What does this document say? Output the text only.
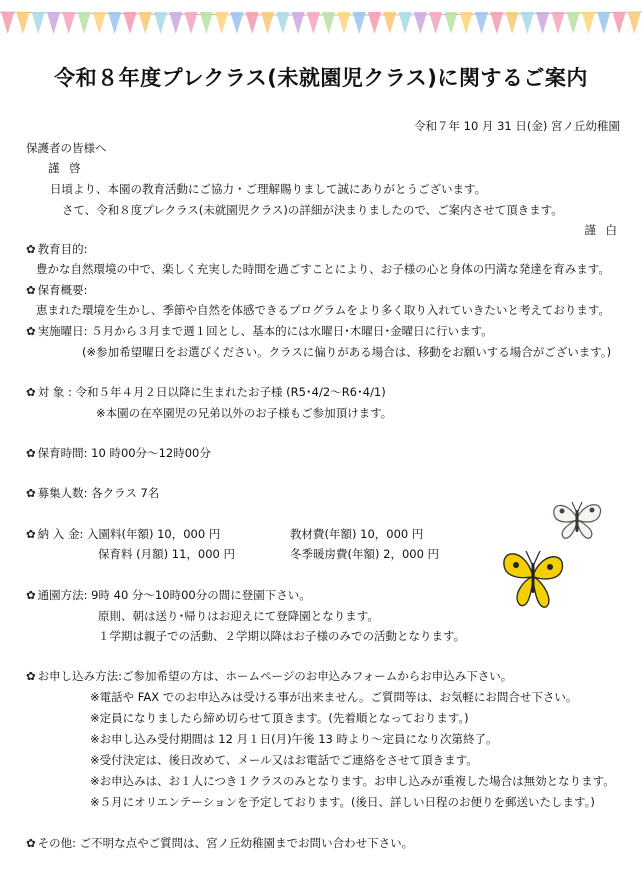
令和８年度プレクラス(未就園児クラス)に関するご案内
令和７年 10 月 31 日(金) 宮ノ丘幼稚園
保護者の皆様へ
謹 啓
日頃より、本園の教育活動にご協力・ご理解賜りまして誠にありがとうございます。
さて、令和８度プレクラス(未就園児クラス)の詳細が決まりましたので、ご案内させて頂きます。
謹 白
✿ 教育目的:
豊かな自然環境の中で、楽しく充実した時間を過ごすことにより、お子様の心と身体の円満な発達を育みます。
✿ 保育概要:
恵まれた環境を生かし、季節や自然を体感できるプログラムをより多く取り入れていきたいと考えております。
✿ 実施曜日: ５月から３月まで週１回とし、基本的には水曜日･木曜日･金曜日に行います。
(※参加希望曜日をお選びください。クラスに偏りがある場合は、移動をお願いする場合がございます。)
✿ 対 象 : 令和５年４月２日以降に生まれたお子様 (R5･4/2～R6･4/1)
※本園の在卒園児の兄弟以外のお子様もご参加頂けます。
✿ 保育時間: 10 時00分～12時00分
✿ 募集人数: 各クラス 7名
✿ 納 入 金: 入園料(年額) 10，000 円	教材費(年額) 10，000 円
保育料 (月額) 11，000 円	冬季暖房費(年額) 2，000 円
✿ 通園方法: 9時 40 分～10時00分の間に登園下さい。
原則、朝は送り･帰りはお迎えにて登降園となります。
１学期は親子での活動、２学期以降はお子様のみでの活動となります。
✿ お申し込み方法:ご参加希望の方は、ホームページのお申込みフォームからお申込み下さい。
※電話や FAX でのお申込みは受ける事が出来ません。ご質問等は、お気軽にお問合せ下さい。
※定員になりましたら締め切らせて頂きます。(先着順となっております。)
※お申し込み受付期間は 12 月１日(月)午後 13 時より～定員になり次第終了。
※受付決定は、後日改めて、メール又はお電話でご連絡をさせて頂きます。
※お申込みは、お１人につき１クラスのみとなります。お申し込みが重複した場合は無効となります。
※５月にオリエンテーションを予定しております。(後日、詳しい日程のお便りを郵送いたします。)
✿ その他: ご不明な点やご質問は、宮ノ丘幼稚園までお問い合わせ下さい。
